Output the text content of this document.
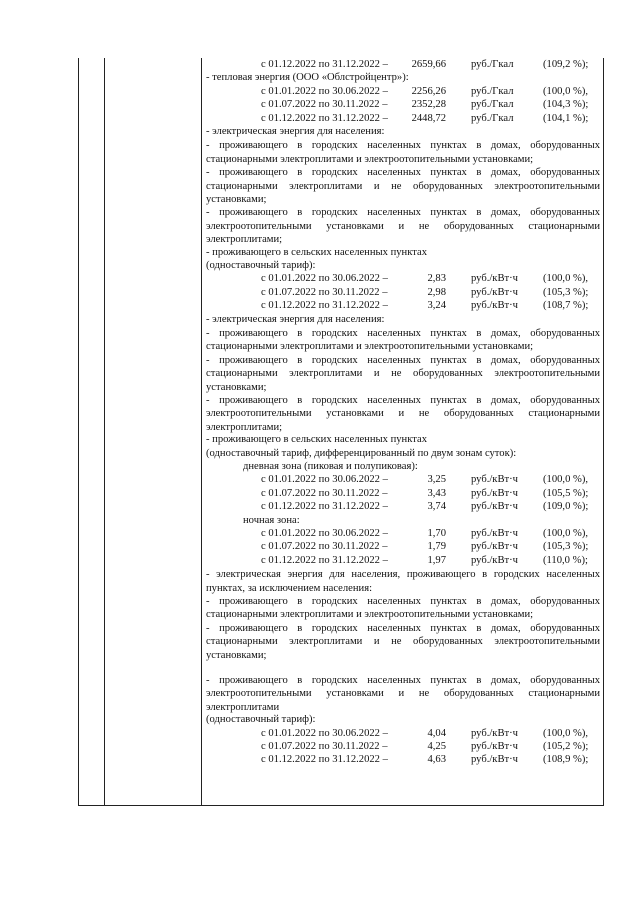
с 01.12.2022 по 31.12.2022 –	2659,66 руб./Гкал	(109,2 %);
- тепловая энергия (ООО «Облстройцентр»):
с 01.01.2022 по 30.06.2022 –	2256,26 руб./Гкал	(100,0 %),
с 01.07.2022 по 30.11.2022 –	2352,28 руб./Гкал	(104,3 %);
с 01.12.2022 по 31.12.2022 –	2448,72 руб./Гкал	(104,1 %);
- электрическая энергия для населения:
- проживающего в городских населенных пунктах в домах, оборудованных стационарными электроплитами и электроотопительными установками;
- проживающего в городских населенных пунктах в домах, оборудованных стационарными электроплитами и не оборудованных электроотопительными установками;
- проживающего в городских населенных пунктах в домах, оборудованных электроотопительными установками и не оборудованных стационарными электроплитами;
- проживающего в сельских населенных пунктах
(одноставочный тариф):
с 01.01.2022 по 30.06.2022 –	2,83 руб./кВт·ч (100,0 %),
с 01.07.2022 по 30.11.2022 –	2,98 руб./кВт·ч (105,3 %);
с 01.12.2022 по 31.12.2022 –	3,24 руб./кВт·ч (108,7 %);
- электрическая энергия для населения:
- проживающего в городских населенных пунктах в домах, оборудованных стационарными электроплитами и электроотопительными установками;
- проживающего в городских населенных пунктах в домах, оборудованных стационарными электроплитами и не оборудованных электроотопительными установками;
- проживающего в городских населенных пунктах в домах, оборудованных электроотопительными установками и не оборудованных стационарными электроплитами;
- проживающего в сельских населенных пунктах
(одноставочный тариф, дифференцированный по двум зонам суток):
дневная зона (пиковая и полупиковая):
с 01.01.2022 по 30.06.2022 –	3,25 руб./кВт·ч (100,0 %),
с 01.07.2022 по 30.11.2022 –	3,43 руб./кВт·ч (105,5 %);
с 01.12.2022 по 31.12.2022 –	3,74 руб./кВт·ч (109,0 %);
ночная зона:
с 01.01.2022 по 30.06.2022 –	1,70 руб./кВт·ч (100,0 %),
с 01.07.2022 по 30.11.2022 –	1,79 руб./кВт·ч (105,3 %);
с 01.12.2022 по 31.12.2022 –	1,97 руб./кВт·ч (110,0 %);
- электрическая энергия для населения, проживающего в городских населенных пунктах, за исключением населения:
- проживающего в городских населенных пунктах в домах, оборудованных стационарными электроплитами и электроотопительными установками;
- проживающего в городских населенных пунктах в домах, оборудованных стационарными электроплитами и не оборудованных электроотопительными установками;
- проживающего в городских населенных пунктах в домах, оборудованных электроотопительными установками и не оборудованных стационарными электроплитами
(одноставочный тариф):
с 01.01.2022 по 30.06.2022 –	4,04 руб./кВт·ч (100,0 %),
с 01.07.2022 по 30.11.2022 –	4,25 руб./кВт·ч (105,2 %);
с 01.12.2022 по 31.12.2022 –	4,63 руб./кВт·ч (108,9 %);
